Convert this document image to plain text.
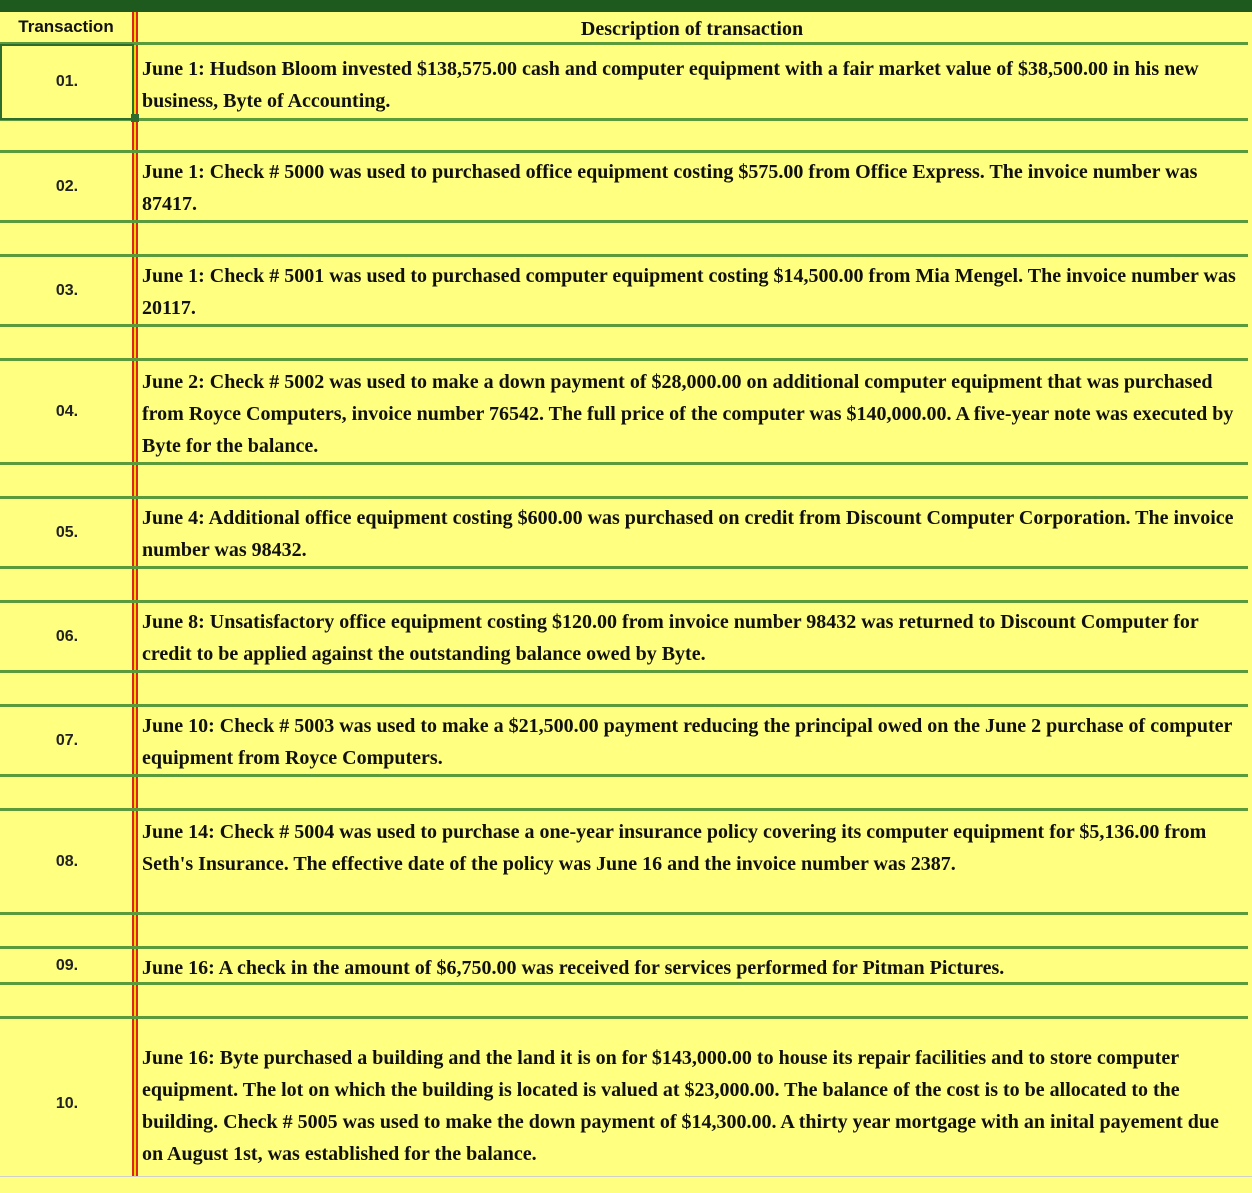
Transaction	Description of transaction
01.
June 1: Hudson Bloom invested $138,575.00 cash and computer equipment with a fair market value of $38,500.00 in his new business, Byte of Accounting.
02.
June 1: Check # 5000 was used to purchased office equipment costing $575.00 from Office Express. The invoice number was 87417.
03.
June 1: Check # 5001 was used to purchased computer equipment costing $14,500.00 from Mia Mengel. The invoice number was 20117.
04.
June 2: Check # 5002 was used to make a down payment of $28,000.00 on additional computer equipment that was purchased from Royce Computers, invoice number 76542. The full price of the computer was $140,000.00. A five-year note was executed by Byte for the balance.
05.
June 4: Additional office equipment costing $600.00 was purchased on credit from Discount Computer Corporation. The invoice number was 98432.
06.
June 8: Unsatisfactory office equipment costing $120.00 from invoice number 98432 was returned to Discount Computer for credit to be applied against the outstanding balance owed by Byte.
07.
June 10: Check # 5003 was used to make a $21,500.00 payment reducing the principal owed on the June 2 purchase of computer equipment from Royce Computers.
08.
June 14: Check # 5004 was used to purchase a one-year insurance policy covering its computer equipment for $5,136.00 from Seth's Insurance. The effective date of the policy was June 16 and the invoice number was 2387.
09.	June 16: A check in the amount of $6,750.00 was received for services performed for Pitman Pictures.
10.
June 16: Byte purchased a building and the land it is on for $143,000.00 to house its repair facilities and to store computer equipment. The lot on which the building is located is valued at $23,000.00. The balance of the cost is to be allocated to the building. Check # 5005 was used to make the down payment of $14,300.00. A thirty year mortgage with an inital payement due on August 1st, was established for the balance.
